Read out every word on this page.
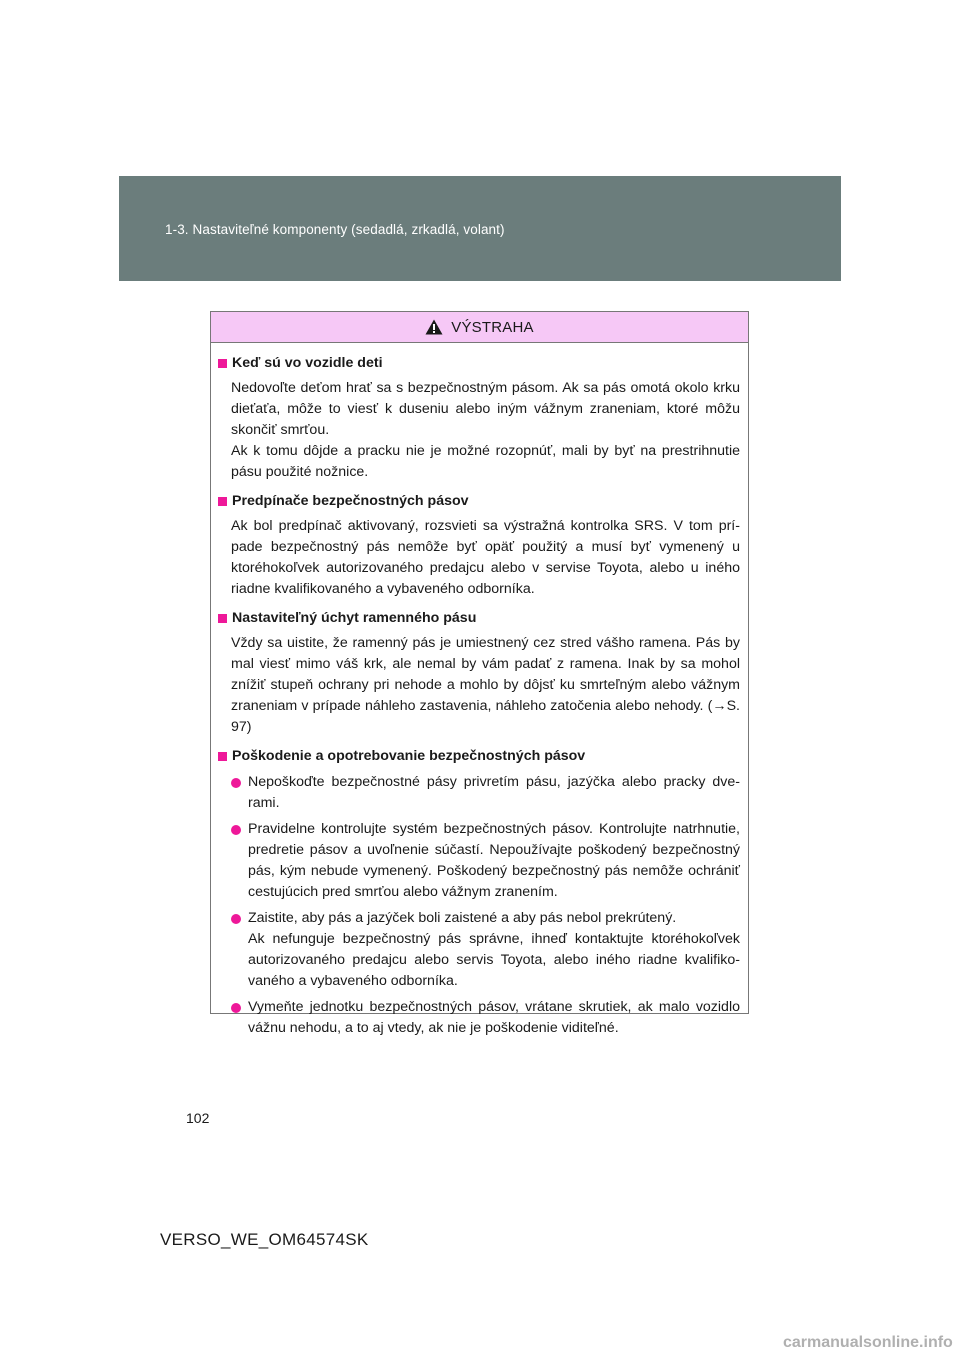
1-3. Nastaviteľné komponenty (sedadlá, zrkadlá, volant)
VÝSTRAHA
Keď sú vo vozidle deti
Nedovoľte deťom hrať sa s bezpečnostným pásom. Ak sa pás omotá okolo krku dieťaťa, môže to viesť k duseniu alebo iným vážnym zraneniam, ktoré môžu skončiť smrťou.
Ak k tomu dôjde a pracku nie je možné rozopnúť, mali by byť na prestrihnutie pásu použité nožnice.
Predpínače bezpečnostných pásov
Ak bol predpínač aktivovaný, rozsvieti sa výstražná kontrolka SRS. V tom prípade bezpečnostný pás nemôže byť opäť použitý a musí byť vymenený u ktoréhokoľvek autorizovaného predajcu alebo v servise Toyota, alebo u iného riadne kvalifikovaného a vybaveného odborníka.
Nastaviteľný úchyt ramenného pásu
Vždy sa uistite, že ramenný pás je umiestnený cez stred vášho ramena. Pás by mal viesť mimo váš krk, ale nemal by vám padať z ramena. Inak by sa mohol znížiť stupeň ochrany pri nehode a mohlo by dôjsť ku smrteľným alebo vážnym zraneniam v prípade náhleho zastavenia, náhleho zatočenia alebo nehody. (→S. 97)
Poškodenie a opotrebovanie bezpečnostných pásov
Nepoškoďte bezpečnostné pásy privretím pásu, jazýčka alebo pracky dverami.
Pravidelne kontrolujte systém bezpečnostných pásov. Kontrolujte natrhnutie, predretie pásov a uvoľnenie súčastí. Nepoužívajte poškodený bezpečnostný pás, kým nebude vymenený. Poškodený bezpečnostný pás nemôže ochrániť cestujúcich pred smrťou alebo vážnym zranením.
Zaistite, aby pás a jazýček boli zaistené a aby pás nebol prekrútený.
Ak nefunguje bezpečnostný pás správne, ihneď kontaktujte ktoréhokoľvek autorizovaného predajcu alebo servis Toyota, alebo iného riadne kvalifikovaného a vybaveného odborníka.
Vymeňte jednotku bezpečnostných pásov, vrátane skrutiek, ak malo vozidlo vážnu nehodu, a to aj vtedy, ak nie je poškodenie viditeľné.
102
VERSO_WE_OM64574SK
carmanualsonline.info
